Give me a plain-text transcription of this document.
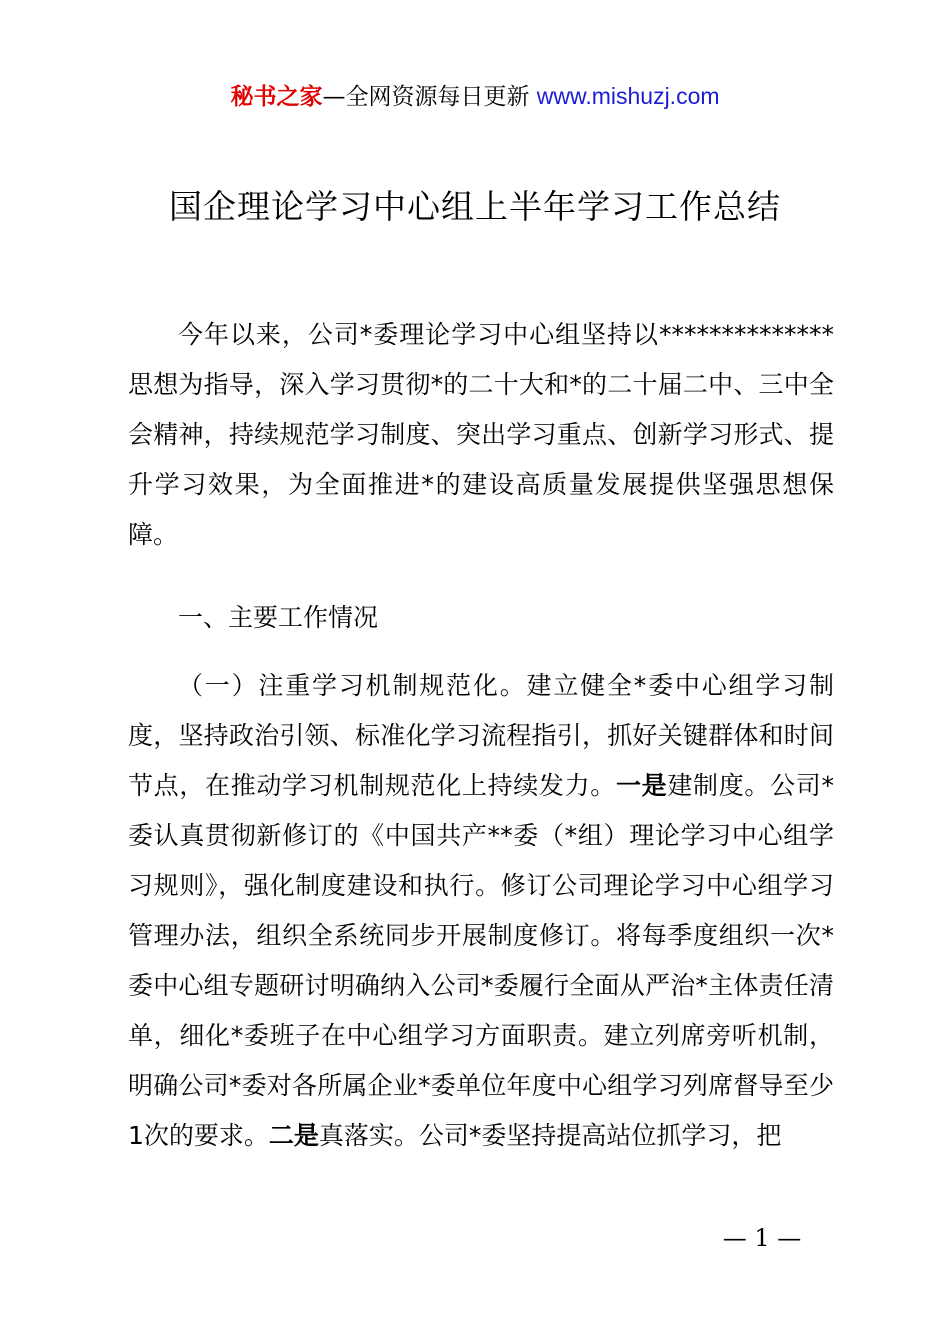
秘书之家—全网资源每日更新 www.mishuzj.com
国企理论学习中心组上半年学习工作总结

今年以来，公司*委理论学习中心组坚持以**************思想为指导，深入学习贯彻*的二十大和*的二十届二中、三中全会精神，持续规范学习制度、突出学习重点、创新学习形式、提升学习效果，为全面推进*的建设高质量发展提供坚强思想保障。

一、主要工作情况

（一）注重学习机制规范化。建立健全*委中心组学习制度，坚持政治引领、标准化学习流程指引，抓好关键群体和时间节点，在推动学习机制规范化上持续发力。一是建制度。公司*委认真贯彻新修订的《中国共产**委（*组）理论学习中心组学习规则》，强化制度建设和执行。修订公司理论学习中心组学习管理办法，组织全系统同步开展制度修订。将每季度组织一次*委中心组专题研讨明确纳入公司*委履行全面从严治*主体责任清单，细化*委班子在中心组学习方面职责。建立列席旁听机制，明确公司*委对各所属企业*委单位年度中心组学习列席督导至少1次的要求。二是真落实。公司*委坚持提高站位抓学习，把

— 1 —
